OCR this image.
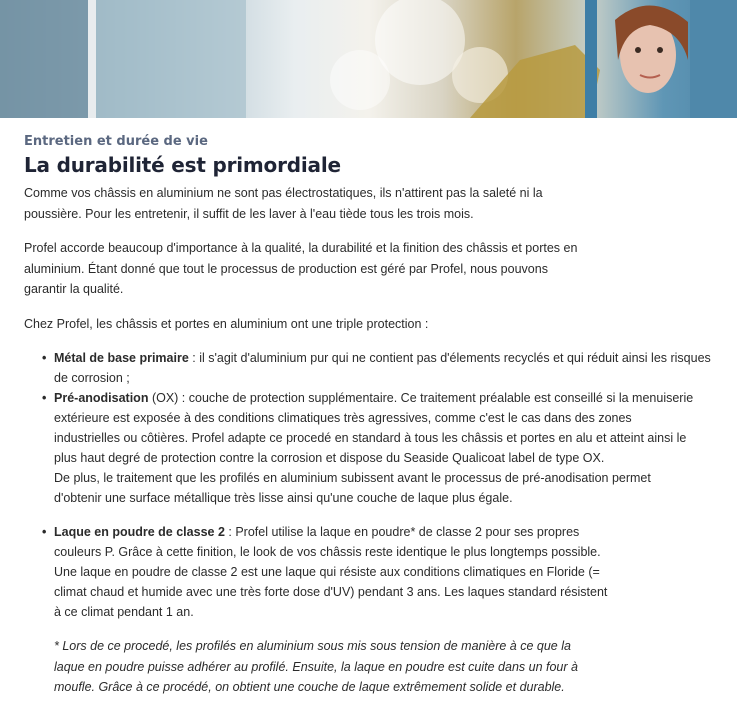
Entretien et durée de vie
La durabilité est primordiale

Comme vos châssis en aluminium ne sont pas électrostatiques, ils n'attirent pas la saleté ni la poussière. Pour les entretenir, il suffit de les laver à l'eau tiède tous les trois mois.

Profel accorde beaucoup d'importance à la qualité, la durabilité et la finition des châssis et portes en aluminium. Étant donné que tout le processus de production est géré par Profel, nous pouvons garantir la qualité.

Chez Profel, les châssis et portes en aluminium ont une triple protection :

• Métal de base primaire : il s'agit d'aluminium pur qui ne contient pas d'élements recyclés et qui réduit ainsi les risques de corrosion ;
• Pré-anodisation (OX) : couche de protection supplémentaire. Ce traitement préalable est conseillé si la menuiserie extérieure est exposée à des conditions climatiques très agressives, comme c'est le cas dans des zones industrielles ou côtières. Profel adapte ce procedé en standard à tous les châssis et portes en alu et atteint ainsi le plus haut degré de protection contre la corrosion et dispose du Seaside Qualicoat label de type OX.
De plus, le traitement que les profilés en aluminium subissent avant le processus de pré-anodisation permet d'obtenir une surface métallique très lisse ainsi qu'une couche de laque plus égale.
• Laque en poudre de classe 2 : Profel utilise la laque en poudre* de classe 2 pour ses propres couleurs P. Grâce à cette finition, le look de vos châssis reste identique le plus longtemps possible. Une laque en poudre de classe 2 est une laque qui résiste aux conditions climatiques en Floride (= climat chaud et humide avec une très forte dose d'UV) pendant 3 ans. Les laques standard résistent à ce climat pendant 1 an.

* Lors de ce procedé, les profilés en aluminium sous mis sous tension de manière à ce que la laque en poudre puisse adhérer au profilé. Ensuite, la laque en poudre est cuite dans un four à moufle. Grâce à ce procédé, on obtient une couche de laque extrêmement solide et durable.
